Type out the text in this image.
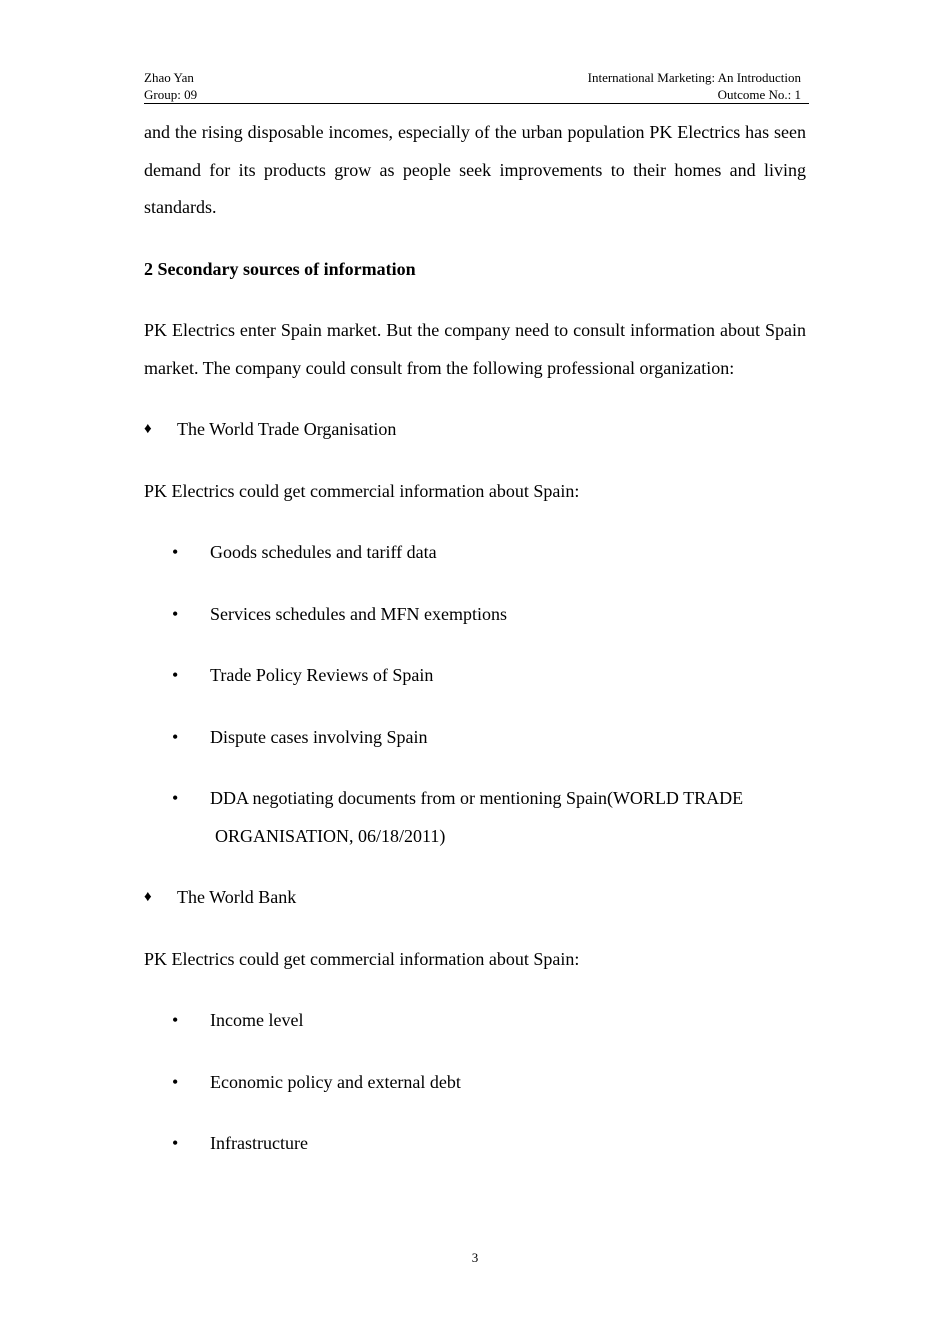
Zhao Yan	International Marketing: An Introduction
Group: 09	Outcome No.: 1

and the rising disposable incomes, especially of the urban population PK Electrics has seen demand for its products grow as people seek improvements to their homes and living standards.

2 Secondary sources of information

PK Electrics enter Spain market. But the company need to consult information about Spain market. The company could consult from the following professional organization:

♦	The World Trade Organisation

PK Electrics could get commercial information about Spain:

•	Goods schedules and tariff data
•	Services schedules and MFN exemptions
•	Trade Policy Reviews of Spain
•	Dispute cases involving Spain
•	DDA negotiating documents from or mentioning Spain(WORLD TRADE
ORGANISATION, 06/18/2011)
♦	The World Bank

PK Electrics could get commercial information about Spain:

•	Income level
•	Economic policy and external debt
•	Infrastructure
3
